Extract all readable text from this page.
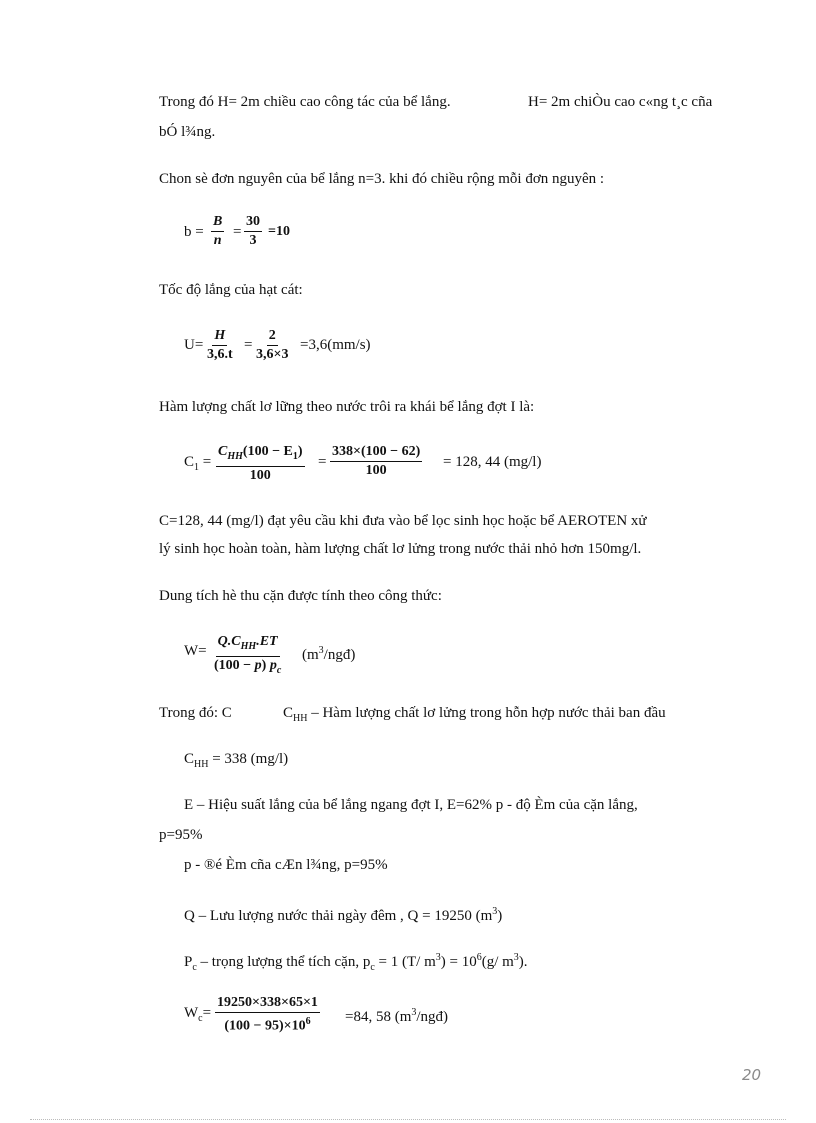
Trong đó H= 2m chiều cao công tác của bể lắng.	H= 2m chiÒu cao c«ng t¸c cña
bÓ l¾ng.
Chon sè đơn nguyên của bể lắng n=3. khi đó chiều rộng mỗi đơn nguyên :
$b = \frac{B}{n} = \frac{30}{3} =10$
Tốc độ lắng của hạt cát:
$U= \frac{H}{3,6.t} = \frac{2}{3,6\times 3} =3,6(mm/s)$
Hàm lượng chất lơ lững theo nước trôi ra khái bể lắng đợt I là:
$C_1$ =
$C_{HH}(100 - E_1)$
100
= $\frac{338\times(100 - 62)}{100} = 128$, 44 (mg/l)
C=128, 44 (mg/l) đạt yêu cầu khi đưa vào bể lọc sinh học hoặc bể AEROTEN xử
lý sinh học hoàn toàn, hàm lượng chất lơ lửng trong nước thải nhỏ hơn 150mg/l.
Dung tích hè thu cặn được tính theo công thức:
W=
$Q.C_{HH}.ET$
(100 − p) $p_c$
$(m^3/ngđ)$
Trong đó: C	$C_{HH}$ – Hàm lượng chất lơ lửng trong hỗn hợp nước thải ban đầu
$C_{HH} = 338$ (mg/l)
E – Hiệu suất lắng của bể lắng ngang đợt I, E=62% p - độ Èm của cặn lắng,
p=95%
p - ®é Èm cña cÆn l¾ng, p=95%
Q – Lưu lượng nước thải ngày đêm , Q = 19250 $(m^3)$
$P_c$ – trọng lượng thể tích cặn, $p_c = 1$ (T/ $m^3) = 10^6(g/$ $m^3$).
$W_c= \frac{19250\times 338\times 65\times 1}{(100 - 95)\times 10^6} =84$, 58 $(m^3/ngđ)$
20
